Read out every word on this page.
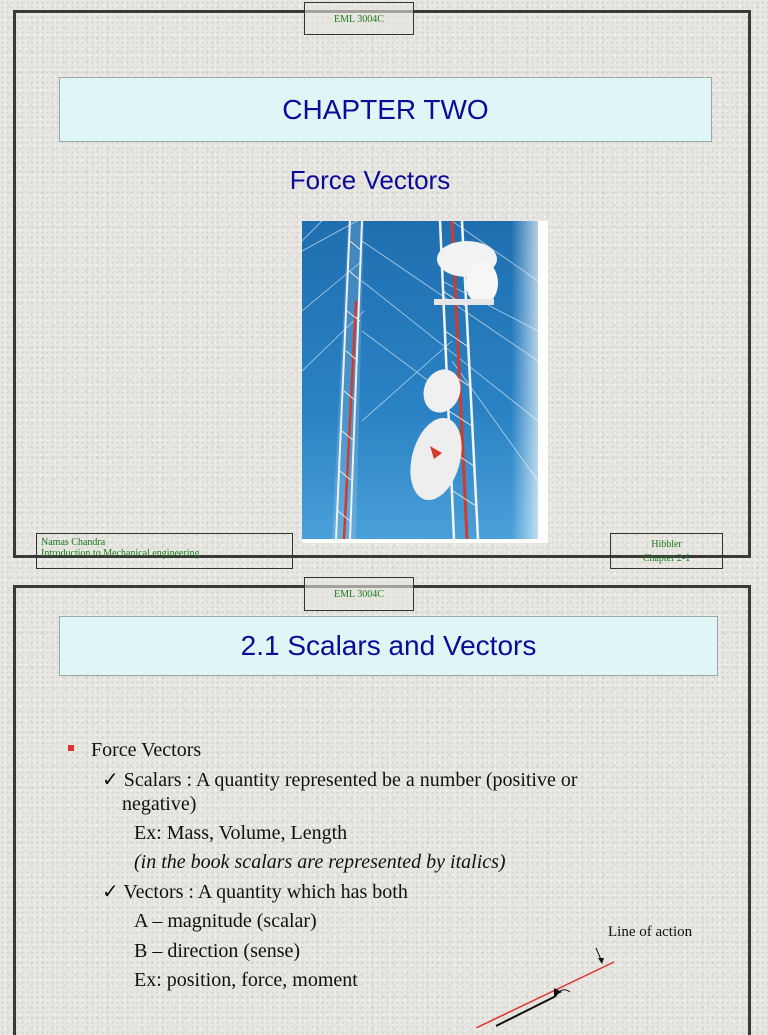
EML 3004C
CHAPTER TWO
Force Vectors
Namas Chandra
Introduction to Mechanical engineering
Hibbler
Chapter 2-1
EML 3004C
2.1 Scalars and Vectors
Force Vectors
✓ Scalars : A quantity represented be a number (positive or
negative)
Ex: Mass, Volume, Length
(in the book scalars are represented by italics)
✓ Vectors : A quantity which has both
A – magnitude (scalar)
B – direction (sense)
Ex: position, force, moment
Line of action
